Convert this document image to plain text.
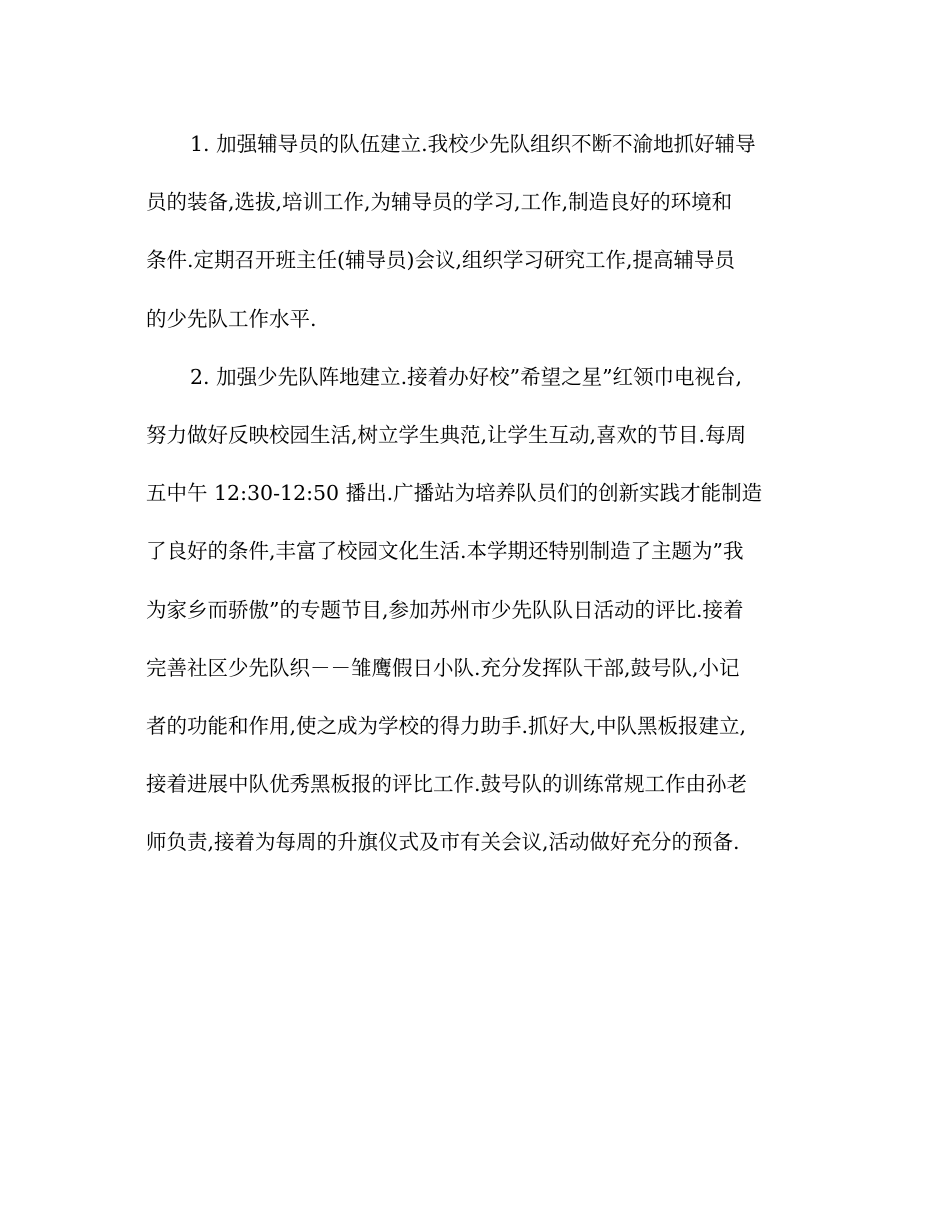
1. 加强辅导员的队伍建立.我校少先队组织不断不渝地抓好辅导
员的装备,选拔,培训工作,为辅导员的学习,工作,制造良好的环境和
条件.定期召开班主任(辅导员)会议,组织学习研究工作,提高辅导员
的少先队工作水平.
2. 加强少先队阵地建立.接着办好校”希望之星”红领巾电视台,
努力做好反映校园生活,树立学生典范,让学生互动,喜欢的节目.每周
五中午 12:30-12:50 播出.广播站为培养队员们的创新实践才能制造
了良好的条件,丰富了校园文化生活.本学期还特别制造了主题为”我
为家乡而骄傲”的专题节目,参加苏州市少先队队日活动的评比.接着
完善社区少先队织－－雏鹰假日小队.充分发挥队干部,鼓号队,小记
者的功能和作用,使之成为学校的得力助手.抓好大,中队黑板报建立,
接着进展中队优秀黑板报的评比工作.鼓号队的训练常规工作由孙老
师负责,接着为每周的升旗仪式及市有关会议,活动做好充分的预备.
